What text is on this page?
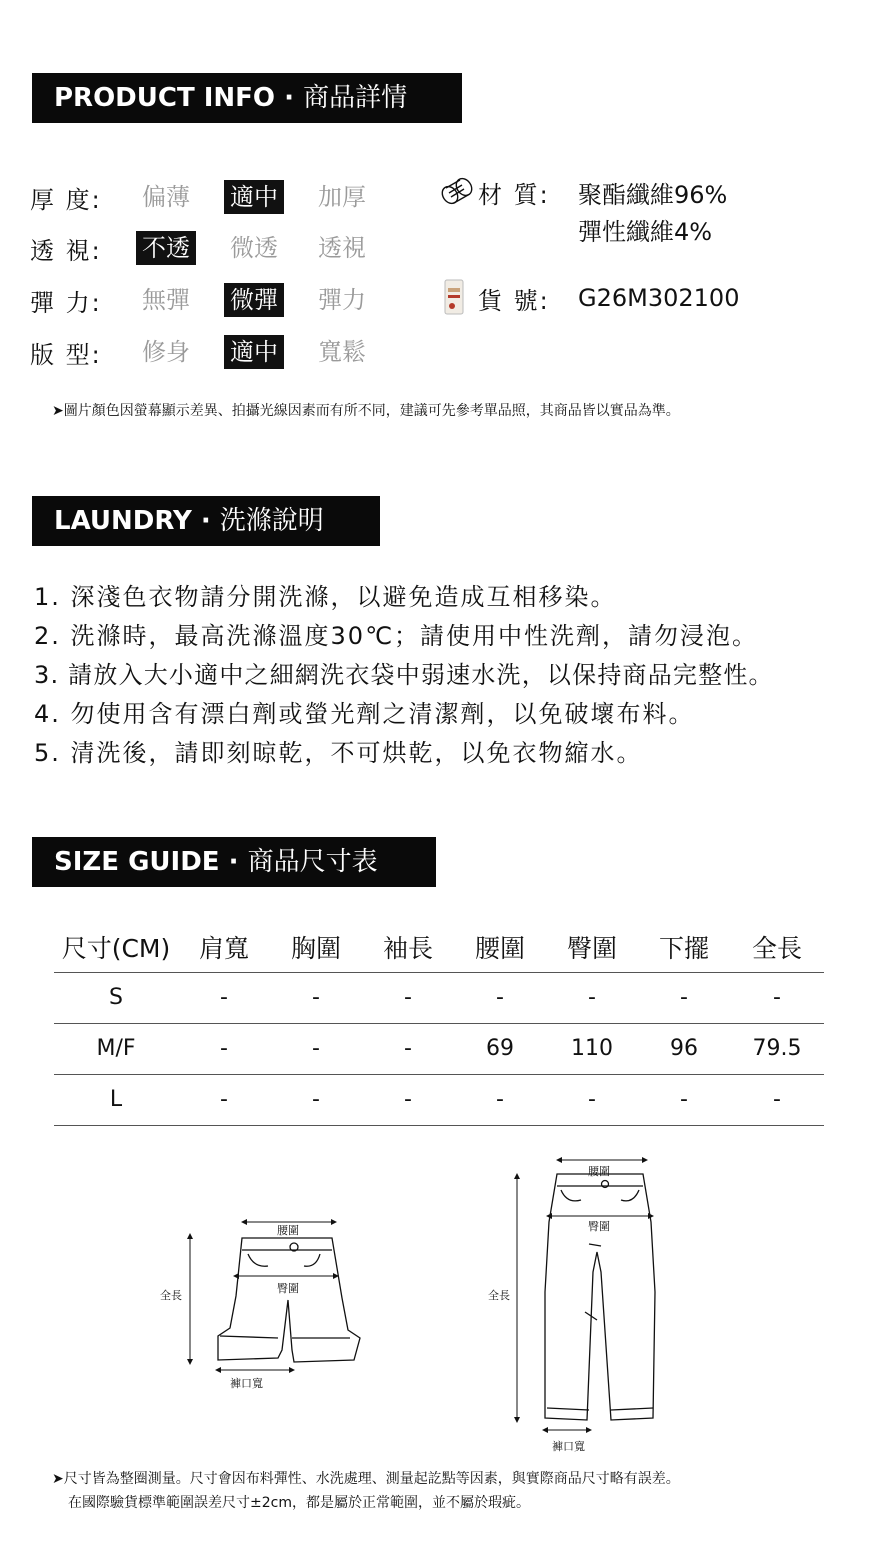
PRODUCT INFO · 商品詳情
厚 度:	偏薄	適中	加厚
透 視:	不透	微透	透視
彈 力:	無彈	微彈	彈力
版 型:	修身	適中	寬鬆
材 質:	聚酯纖維96%
彈性纖維4%
貨 號:	G26M302100
➤圖片顏色因螢幕顯示差異、拍攝光線因素而有所不同，建議可先參考單品照，其商品皆以實品為準。
LAUNDRY · 洗滌說明
1. 深淺色衣物請分開洗滌，以避免造成互相移染。
2. 洗滌時，最高洗滌溫度30℃；請使用中性洗劑，請勿浸泡。
3. 請放入大小適中之細網洗衣袋中弱速水洗，以保持商品完整性。
4. 勿使用含有漂白劑或螢光劑之清潔劑，以免破壞布料。
5. 清洗後，請即刻晾乾，不可烘乾，以免衣物縮水。
SIZE GUIDE · 商品尺寸表
尺寸(CM)	肩寬	胸圍	袖長	腰圍	臀圍	下擺	全長
S	-	-	-	-	-	-	-
M/F	-	-	-	69	110	96	79.5
L	-	-	-	-	-	-	-
腰圍
臀圍
全長
褲口寬
腰圍
臀圍
全長
褲口寬
➤尺寸皆為整圈測量。尺寸會因布料彈性、水洗處理、測量起訖點等因素，與實際商品尺寸略有誤差。
在國際驗貨標準範圍誤差尺寸±2cm，都是屬於正常範圍，並不屬於瑕疵。
